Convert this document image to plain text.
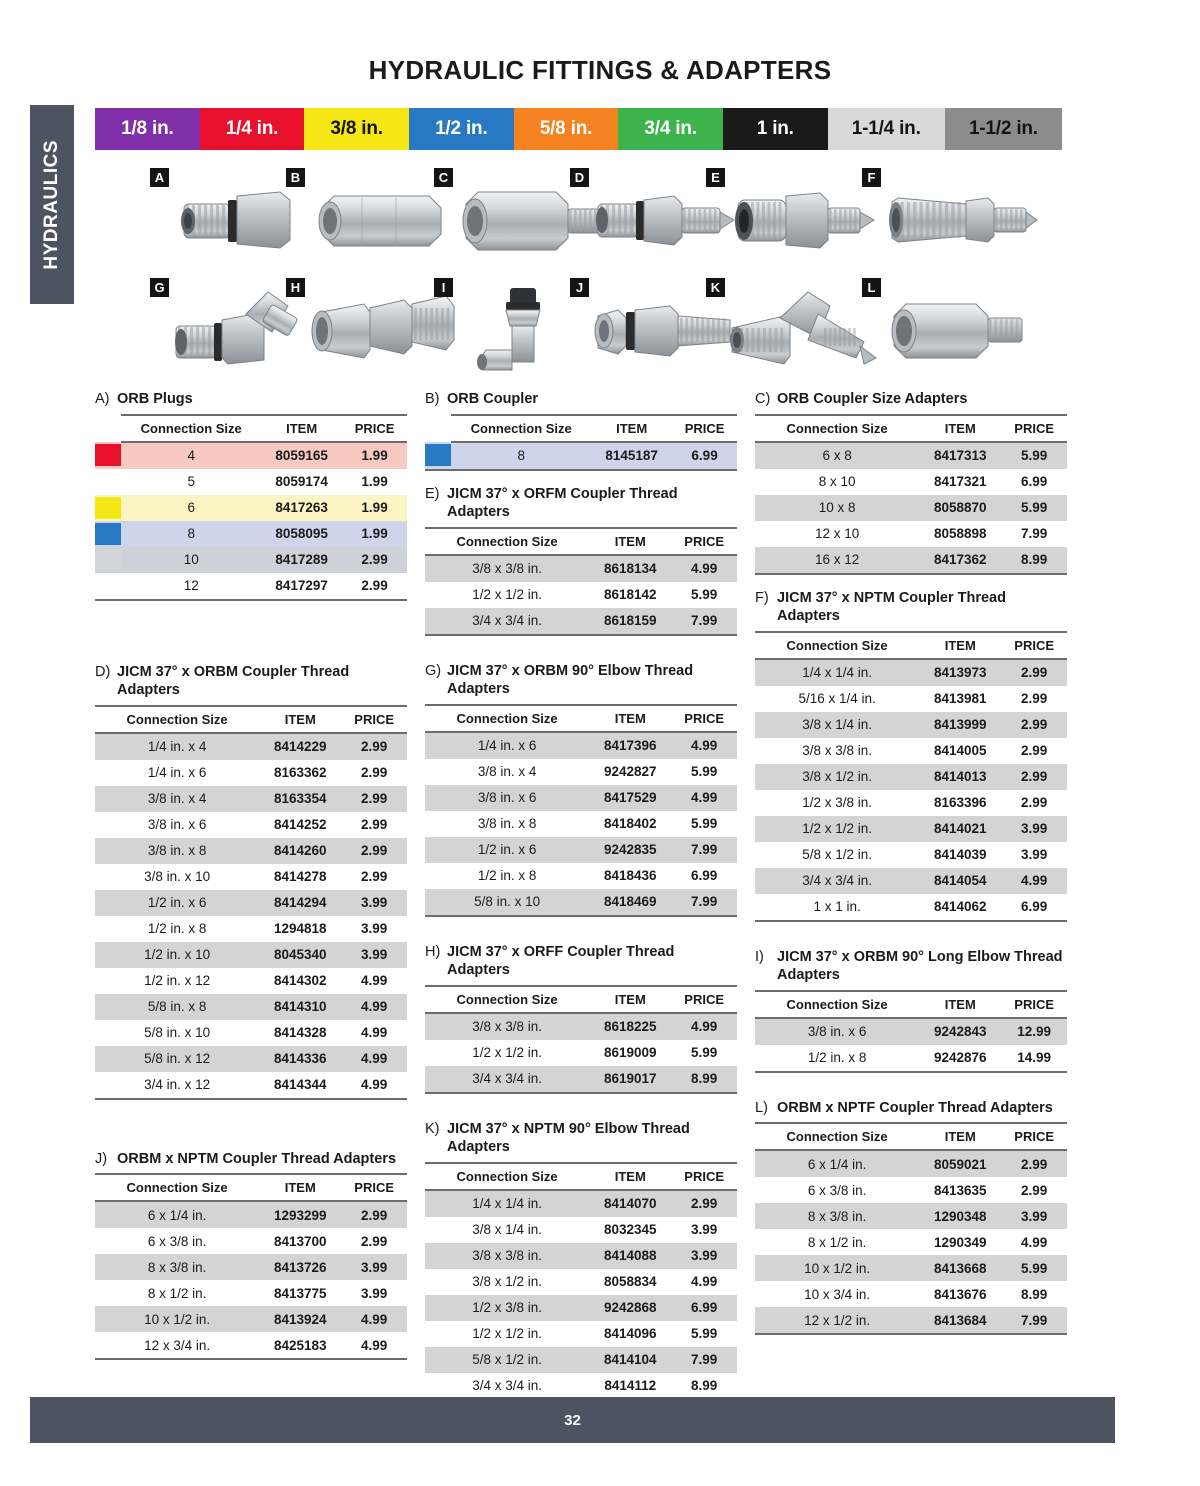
HYDRAULIC FITTINGS & ADAPTERS
HYDRAULICS
1/8 in.	1/4 in.	3/8 in.	1/2 in.	5/8 in.	3/4 in.	1 in.	1-1/4 in.	1-1/2 in.
A	B	C	D	E	F
G	H	I	J	K	L
A) ORB Plugs
	Connection Size	ITEM	PRICE

	4	8059165	1.99
	5	8059174	1.99

	6	8417263	1.99

	8	8058095	1.99

	10	8417289	2.99
	12	8417297	2.99
D) JICM 37° x ORBM Coupler Thread Adapters
Connection Size	ITEM	PRICE
1/4 in. x 4	8414229	2.99
1/4 in. x 6	8163362	2.99
3/8 in. x 4	8163354	2.99
3/8 in. x 6	8414252	2.99
3/8 in. x 8	8414260	2.99
3/8 in. x 10	8414278	2.99
1/2 in. x 6	8414294	3.99
1/2 in. x 8	1294818	3.99
1/2 in. x 10	8045340	3.99
1/2 in. x 12	8414302	4.99
5/8 in. x 8	8414310	4.99
5/8 in. x 10	8414328	4.99
5/8 in. x 12	8414336	4.99
3/4 in. x 12	8414344	4.99
J) ORBM x NPTM Coupler Thread Adapters
Connection Size	ITEM	PRICE
6 x 1/4 in.	1293299	2.99
6 x 3/8 in.	8413700	2.99
8 x 3/8 in.	8413726	3.99
8 x 1/2 in.	8413775	3.99
10 x 1/2 in.	8413924	4.99
12 x 3/4 in.	8425183	4.99
B) ORB Coupler
	Connection Size	ITEM	PRICE

	8	8145187	6.99
E) JICM 37° x ORFM Coupler Thread Adapters
Connection Size	ITEM	PRICE
3/8 x 3/8 in.	8618134	4.99
1/2 x 1/2 in.	8618142	5.99
3/4 x 3/4 in.	8618159	7.99
G) JICM 37° x ORBM 90° Elbow Thread Adapters
Connection Size	ITEM	PRICE
1/4 in. x 6	8417396	4.99
3/8 in. x 4	9242827	5.99
3/8 in. x 6	8417529	4.99
3/8 in. x 8	8418402	5.99
1/2 in. x 6	9242835	7.99
1/2 in. x 8	8418436	6.99
5/8 in. x 10	8418469	7.99
H) JICM 37° x ORFF Coupler Thread Adapters
Connection Size	ITEM	PRICE
3/8 x 3/8 in.	8618225	4.99
1/2 x 1/2 in.	8619009	5.99
3/4 x 3/4 in.	8619017	8.99
K) JICM 37° x NPTM 90° Elbow Thread Adapters
Connection Size	ITEM	PRICE
1/4 x 1/4 in.	8414070	2.99
3/8 x 1/4 in.	8032345	3.99
3/8 x 3/8 in.	8414088	3.99
3/8 x 1/2 in.	8058834	4.99
1/2 x 3/8 in.	9242868	6.99
1/2 x 1/2 in.	8414096	5.99
5/8 x 1/2 in.	8414104	7.99
3/4 x 3/4 in.	8414112	8.99
C) ORB Coupler Size Adapters
Connection Size	ITEM	PRICE
6 x 8	8417313	5.99
8 x 10	8417321	6.99
10 x 8	8058870	5.99
12 x 10	8058898	7.99
16 x 12	8417362	8.99
F) JICM 37° x NPTM Coupler Thread Adapters
Connection Size	ITEM	PRICE
1/4 x 1/4 in.	8413973	2.99
5/16 x 1/4 in.	8413981	2.99
3/8 x 1/4 in.	8413999	2.99
3/8 x 3/8 in.	8414005	2.99
3/8 x 1/2 in.	8414013	2.99
1/2 x 3/8 in.	8163396	2.99
1/2 x 1/2 in.	8414021	3.99
5/8 x 1/2 in.	8414039	3.99
3/4 x 3/4 in.	8414054	4.99
1 x 1 in.	8414062	6.99
I) JICM 37° x ORBM 90° Long Elbow Thread Adapters
Connection Size	ITEM	PRICE
3/8 in. x 6	9242843	12.99
1/2 in. x 8	9242876	14.99
L) ORBM x NPTF Coupler Thread Adapters
Connection Size	ITEM	PRICE
6 x 1/4 in.	8059021	2.99
6 x 3/8 in.	8413635	2.99
8 x 3/8 in.	1290348	3.99
8 x 1/2 in.	1290349	4.99
10 x 1/2 in.	8413668	5.99
10 x 3/4 in.	8413676	8.99
12 x 1/2 in.	8413684	7.99
32
